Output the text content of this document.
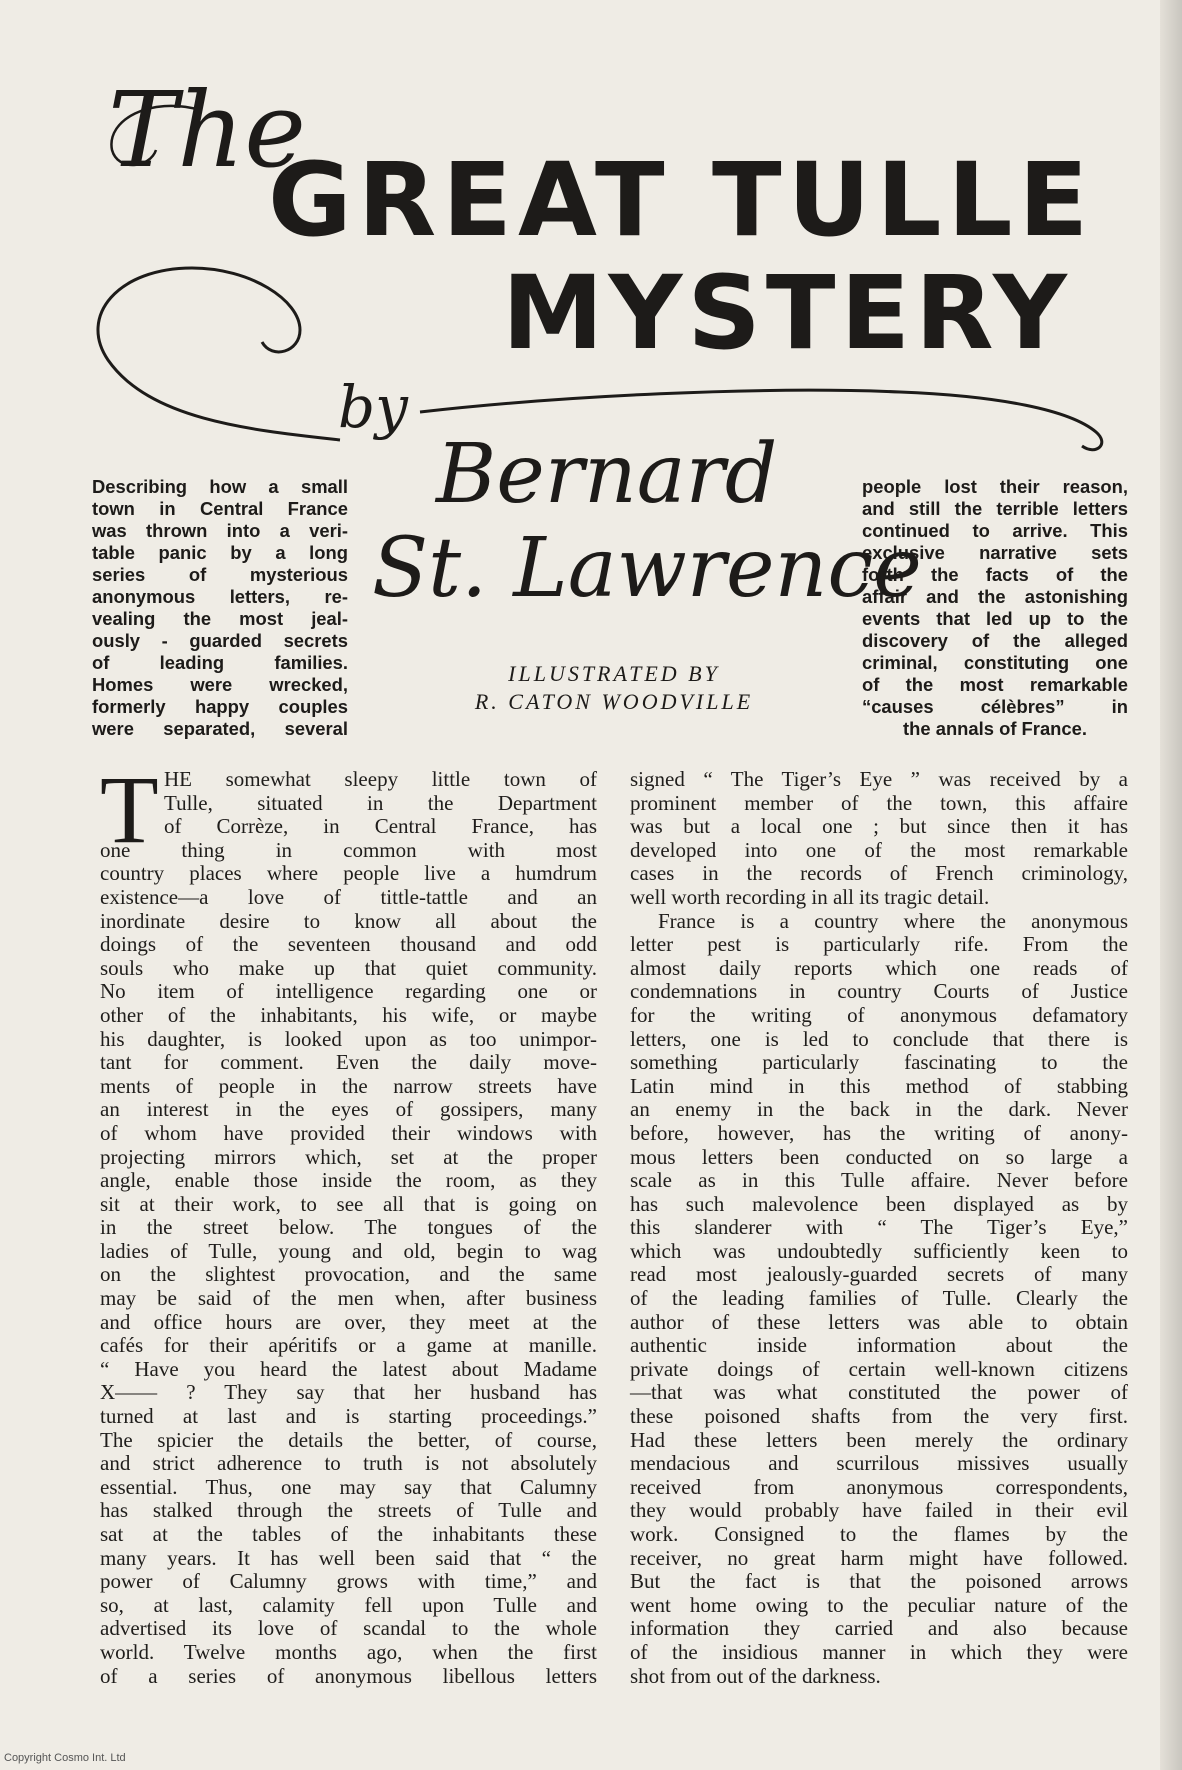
The
GREAT TULLE
MYSTERY
by
Bernard
St. Lawrence
ILLUSTRATED BY
R. CATON WOODVILLE
Describing how a small
town in Central France
was thrown into a veri-
table panic by a long
series of mysterious
anonymous letters, re-
vealing the most jeal-
ously - guarded secrets
of leading families.
Homes were wrecked,
formerly happy couples
were separated, several
people lost their reason,
and still the terrible letters
continued to arrive. This
exclusive narrative sets
forth the facts of the
affair and the astonishing
events that led up to the
discovery of the alleged
criminal, constituting one
of the most remarkable
“causes célèbres” in
the annals of France.
T HE somewhat sleepy little town of
Tulle, situated in the Department
of Corrèze, in Central France, has
one thing in common with most
country places where people live a humdrum
existence—a love of tittle-tattle and an
inordinate desire to know all about the
doings of the seventeen thousand and odd
souls who make up that quiet community.
No item of intelligence regarding one or
other of the inhabitants, his wife, or maybe
his daughter, is looked upon as too unimpor-
tant for comment. Even the daily move-
ments of people in the narrow streets have
an interest in the eyes of gossipers, many
of whom have provided their windows with
projecting mirrors which, set at the proper
angle, enable those inside the room, as they
sit at their work, to see all that is going on
in the street below. The tongues of the
ladies of Tulle, young and old, begin to wag
on the slightest provocation, and the same
may be said of the men when, after business
and office hours are over, they meet at the
cafés for their apéritifs or a game at manille.
“ Have you heard the latest about Madame
X—— ? They say that her husband has
turned at last and is starting proceedings.”
The spicier the details the better, of course,
and strict adherence to truth is not absolutely
essential. Thus, one may say that Calumny
has stalked through the streets of Tulle and
sat at the tables of the inhabitants these
many years. It has well been said that “ the
power of Calumny grows with time,” and
so, at last, calamity fell upon Tulle and
advertised its love of scandal to the whole
world. Twelve months ago, when the first
of a series of anonymous libellous letters
signed “ The Tiger’s Eye ” was received by a
prominent member of the town, this affaire
was but a local one ; but since then it has
developed into one of the most remarkable
cases in the records of French criminology,
well worth recording in all its tragic detail.
France is a country where the anonymous
letter pest is particularly rife. From the
almost daily reports which one reads of
condemnations in country Courts of Justice
for the writing of anonymous defamatory
letters, one is led to conclude that there is
something particularly fascinating to the
Latin mind in this method of stabbing
an enemy in the back in the dark. Never
before, however, has the writing of anony-
mous letters been conducted on so large a
scale as in this Tulle affaire. Never before
has such malevolence been displayed as by
this slanderer with “ The Tiger’s Eye,”
which was undoubtedly sufficiently keen to
read most jealously-guarded secrets of many
of the leading families of Tulle. Clearly the
author of these letters was able to obtain
authentic inside information about the
private doings of certain well-known citizens
—that was what constituted the power of
these poisoned shafts from the very first.
Had these letters been merely the ordinary
mendacious and scurrilous missives usually
received from anonymous correspondents,
they would probably have failed in their evil
work. Consigned to the flames by the
receiver, no great harm might have followed.
But the fact is that the poisoned arrows
went home owing to the peculiar nature of the
information they carried and also because
of the insidious manner in which they were
shot from out of the darkness.
Copyright Cosmo Int. Ltd
